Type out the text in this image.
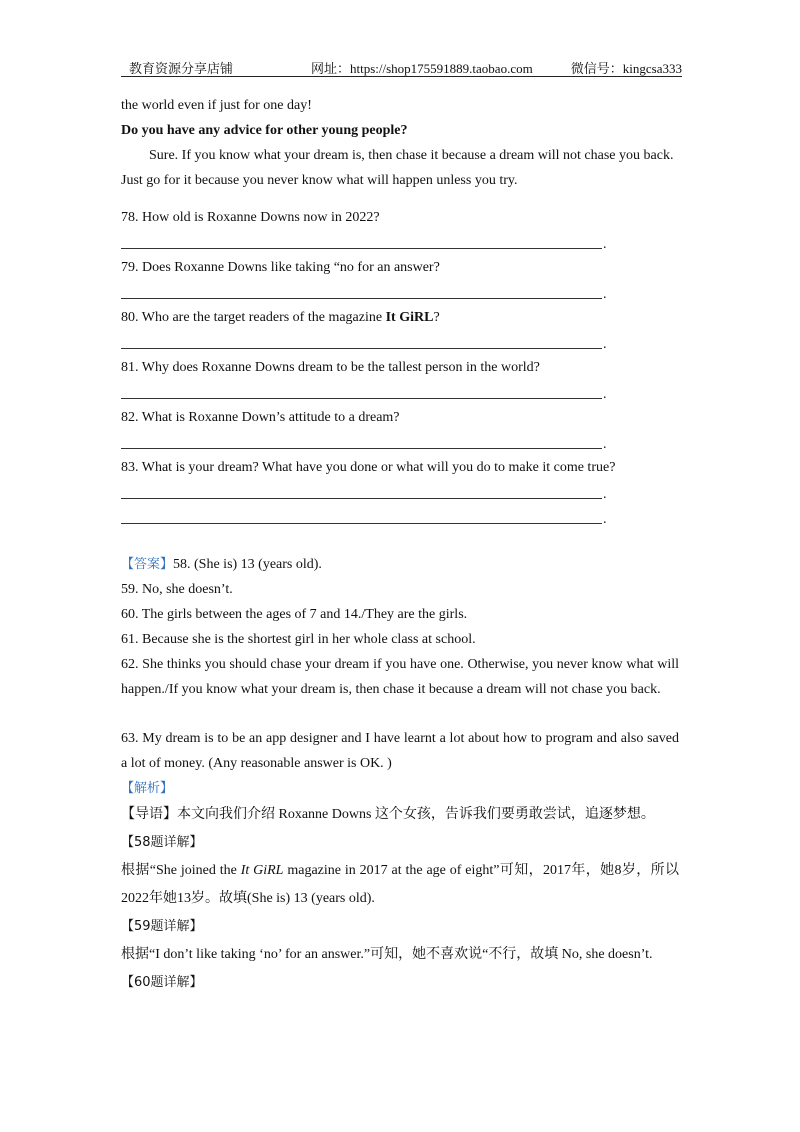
教育资源分享店铺	网址：https://shop175591889.taobao.com	微信号：kingcsa333

the world even if just for one day!

Do you have any advice for other young people?

Sure. If you know what your dream is, then chase it because a dream will not chase you back. Just go for it because you never know what will happen unless you try.

78. How old is Roxanne Downs now in 2022?

.

79. Does Roxanne Downs like taking “no for an answer?

.

80. Who are the target readers of the magazine It GiRL?

.

81. Why does Roxanne Downs dream to be the tallest person in the world?

.

82. What is Roxanne Down’s attitude to a dream?

.

83. What is your dream? What have you done or what will you do to make it come true?

.
.

【答案】58. (She is) 13 (years old).

59. No, she doesn’t.

60. The girls between the ages of 7 and 14./They are the girls.

61. Because she is the shortest girl in her whole class at school.

62. She thinks you should chase your dream if you have one. Otherwise, you never know what will happen./If you know what your dream is, then chase it because a dream will not chase you back.

63. My dream is to be an app designer and I have learnt a lot about how to program and also saved a lot of money. (Any reasonable answer is OK. )

【解析】

【导语】本文向我们介绍 Roxanne Downs 这个女孩，告诉我们要勇敢尝试，追逐梦想。

【58题详解】

根据“She joined the It GiRL magazine in 2017 at the age of eight”可知，2017年，她8岁，所以2022年她13岁。故填(She is) 13 (years old).

【59题详解】

根据“I don’t like taking ‘no’ for an answer.”可知，她不喜欢说“不行，故填 No, she doesn’t.

【60题详解】
